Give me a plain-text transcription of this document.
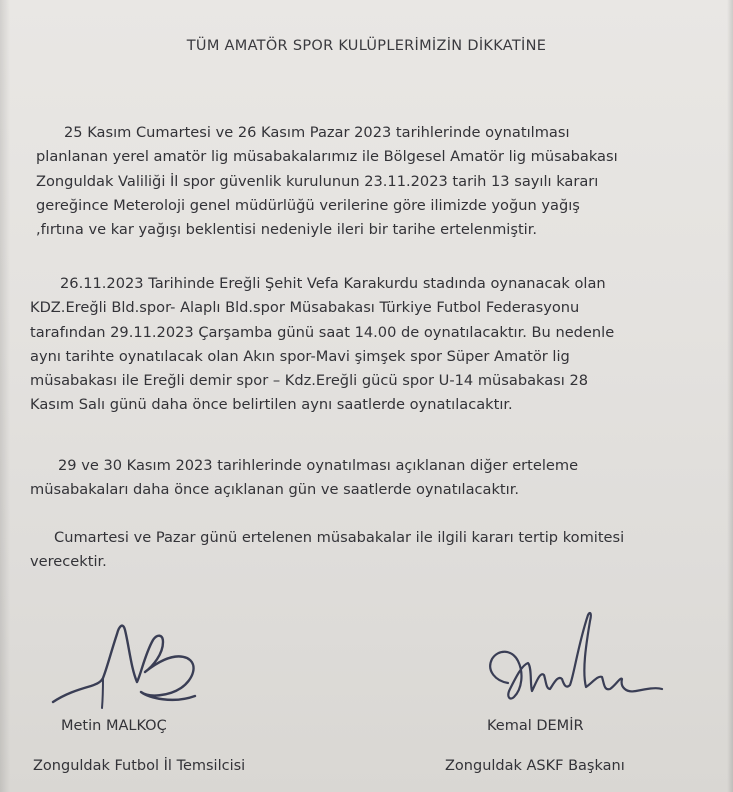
TÜM AMATÖR SPOR KULÜPLERİMİZİN DİKKATİNE

25 Kasım Cumartesi ve 26 Kasım Pazar 2023 tarihlerinde oynatılması
planlanan yerel amatör lig müsabakalarımız ile Bölgesel Amatör lig müsabakası
Zonguldak Valiliği İl spor güvenlik kurulunun 23.11.2023 tarih 13 sayılı kararı
gereğince Meteroloji genel müdürlüğü verilerine göre ilimizde yoğun yağış
,fırtına ve kar yağışı beklentisi nedeniyle ileri bir tarihe ertelenmiştir.

26.11.2023 Tarihinde Ereğli Şehit Vefa Karakurdu stadında oynanacak olan
KDZ.Ereğli Bld.spor- Alaplı Bld.spor Müsabakası Türkiye Futbol Federasyonu
tarafından 29.11.2023 Çarşamba günü saat 14.00 de oynatılacaktır. Bu nedenle
aynı tarihte oynatılacak olan Akın spor-Mavi şimşek spor Süper Amatör lig
müsabakası ile Ereğli demir spor – Kdz.Ereğli gücü spor U-14 müsabakası 28
Kasım Salı günü daha önce belirtilen aynı saatlerde oynatılacaktır.

29 ve 30 Kasım 2023 tarihlerinde oynatılması açıklanan diğer erteleme
müsabakaları daha önce açıklanan gün ve saatlerde oynatılacaktır.

Cumartesi ve Pazar günü ertelenen müsabakalar ile ilgili kararı tertip komitesi
verecektir.

Metin MALKOÇ
Zonguldak Futbol İl Temsilcisi
Kemal DEMİR
Zonguldak ASKF Başkanı
